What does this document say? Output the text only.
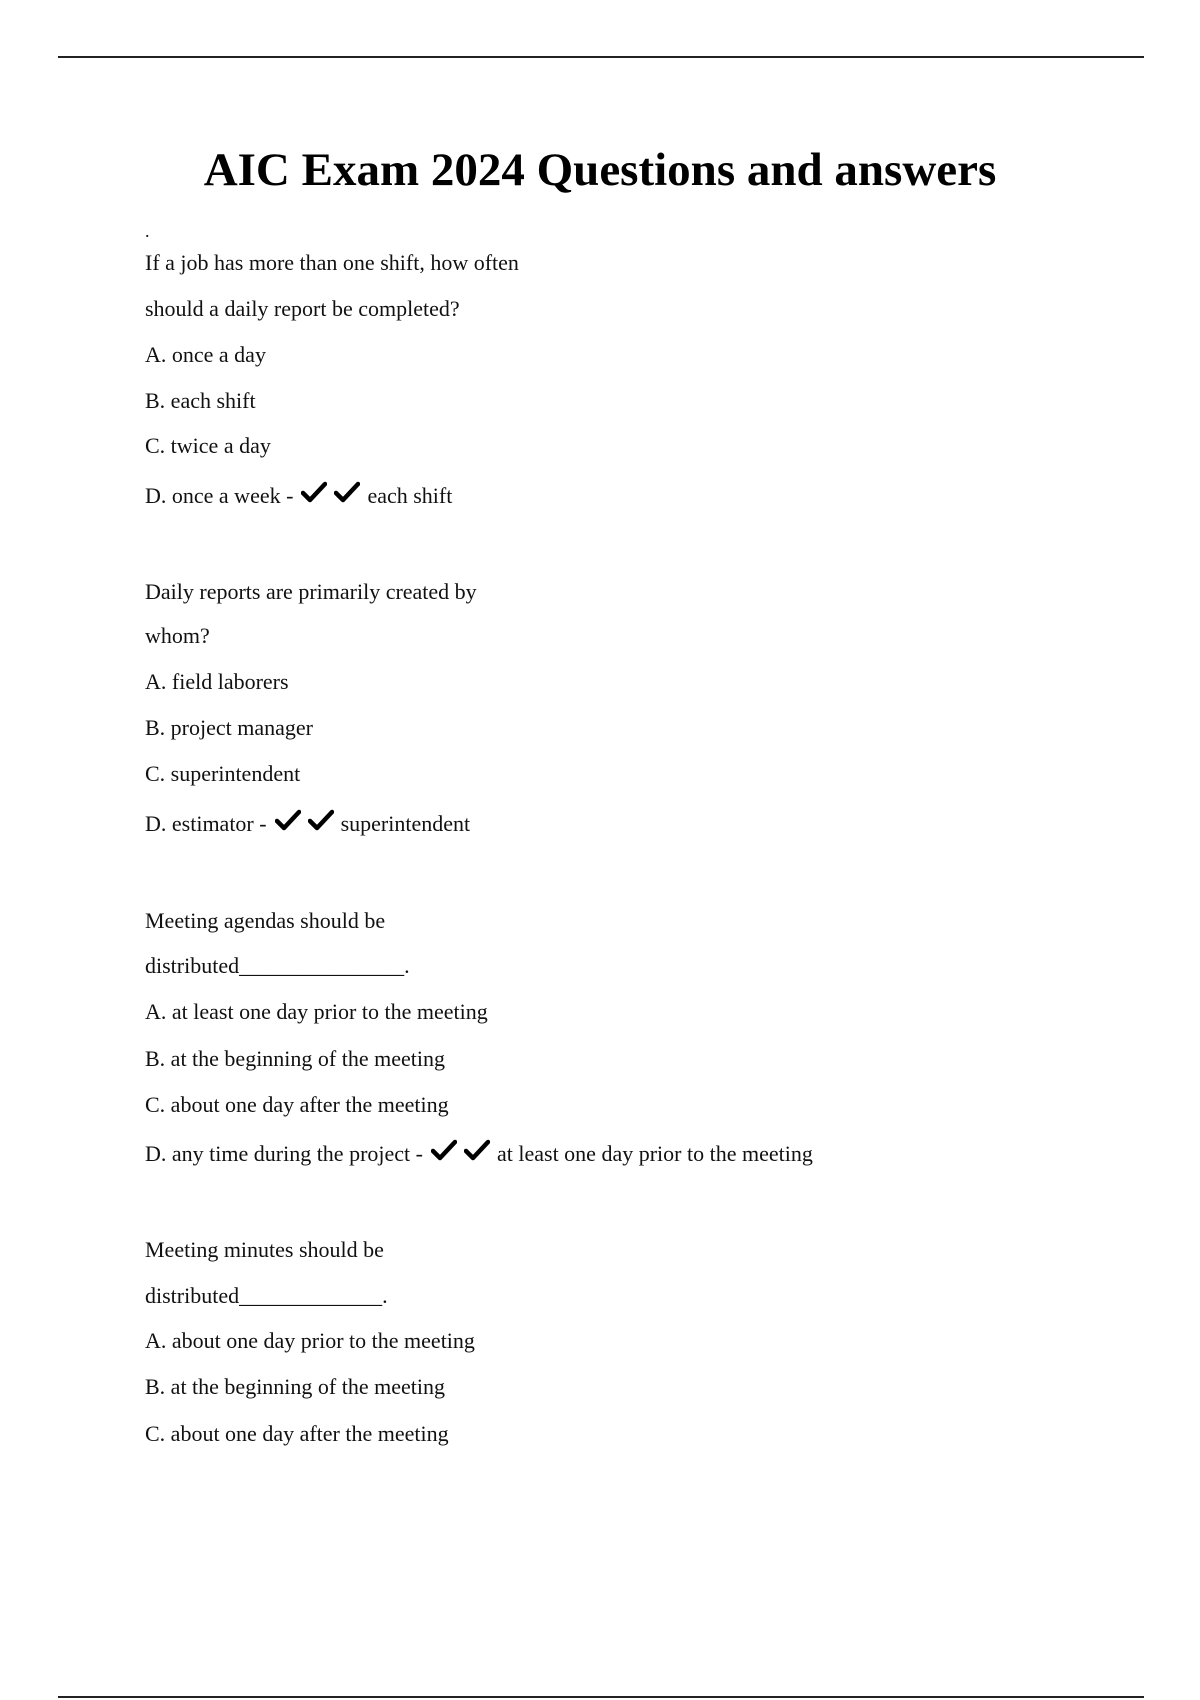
AIC Exam 2024 Questions and answers
.
If a job has more than one shift, how often
should a daily report be completed?
A. once a day
B. each shift
C. twice a day
D. once a week -	each shift
Daily reports are primarily created by
whom?
A. field laborers
B. project manager
C. superintendent
D. estimator -	superintendent
Meeting agendas should be
distributed_______________.
A. at least one day prior to the meeting
B. at the beginning of the meeting
C. about one day after the meeting
D. any time during the project -	at least one day prior to the meeting
Meeting minutes should be
distributed_____________.
A. about one day prior to the meeting
B. at the beginning of the meeting
C. about one day after the meeting
